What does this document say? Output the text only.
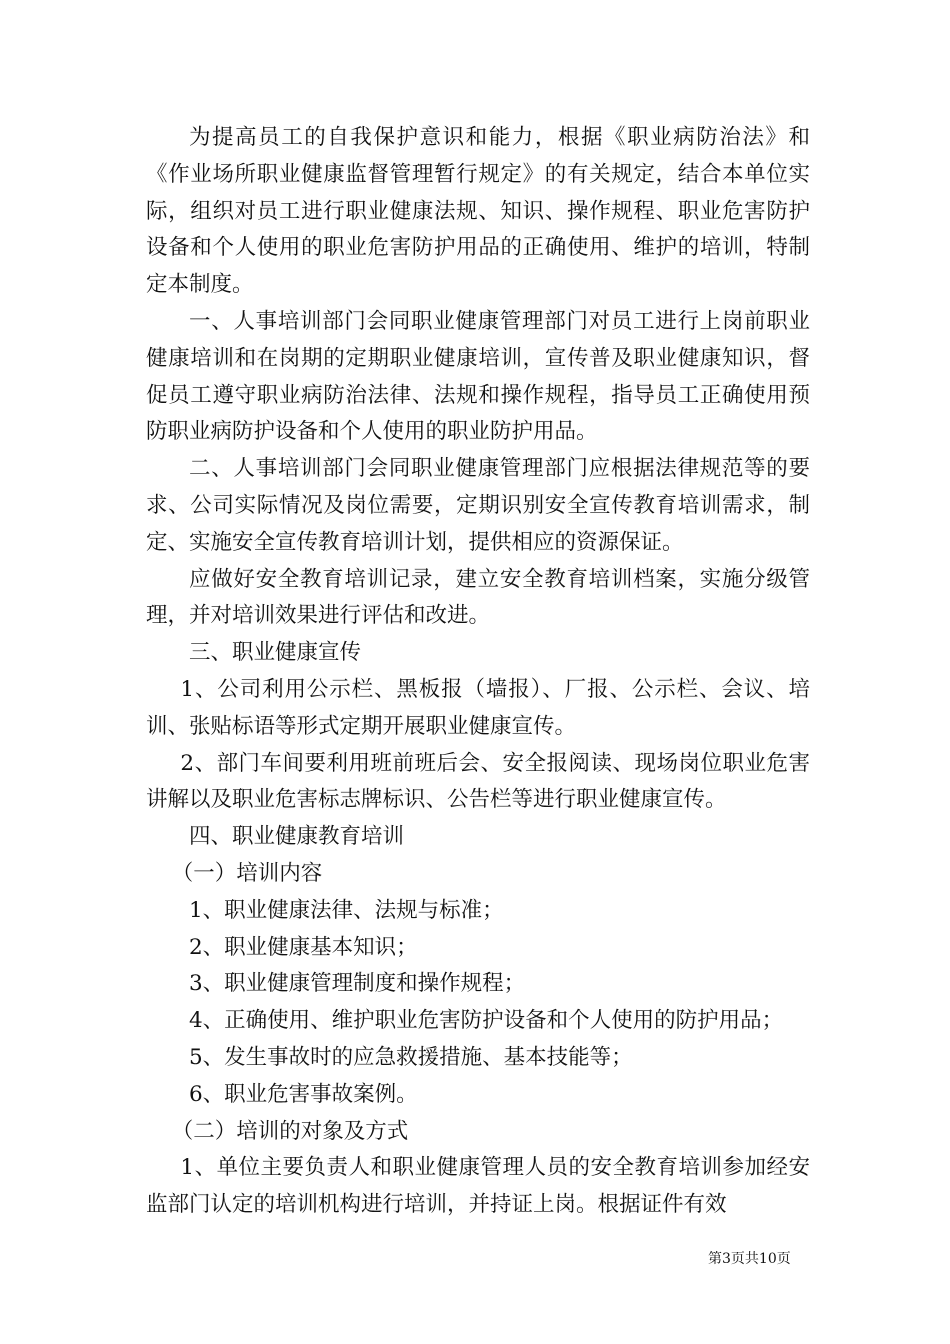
为提高员工的自我保护意识和能力，根据《职业病防治法》和《作业场所职业健康监督管理暂行规定》的有关规定，结合本单位实际，组织对员工进行职业健康法规、知识、操作规程、职业危害防护设备和个人使用的职业危害防护用品的正确使用、维护的培训，特制定本制度。

一、人事培训部门会同职业健康管理部门对员工进行上岗前职业健康培训和在岗期的定期职业健康培训，宣传普及职业健康知识，督促员工遵守职业病防治法律、法规和操作规程，指导员工正确使用预防职业病防护设备和个人使用的职业防护用品。

二、人事培训部门会同职业健康管理部门应根据法律规范等的要求、公司实际情况及岗位需要，定期识别安全宣传教育培训需求，制定、实施安全宣传教育培训计划，提供相应的资源保证。

应做好安全教育培训记录，建立安全教育培训档案，实施分级管理，并对培训效果进行评估和改进。

三、职业健康宣传

1、公司利用公示栏、黑板报（墙报）、厂报、公示栏、会议、培训、张贴标语等形式定期开展职业健康宣传。

2、部门车间要利用班前班后会、安全报阅读、现场岗位职业危害讲解以及职业危害标志牌标识、公告栏等进行职业健康宣传。

四、职业健康教育培训

（一）培训内容

1、职业健康法律、法规与标准；

2、职业健康基本知识；

3、职业健康管理制度和操作规程；

4、正确使用、维护职业危害防护设备和个人使用的防护用品；

5、发生事故时的应急救援措施、基本技能等；

6、职业危害事故案例。

（二）培训的对象及方式

1、单位主要负责人和职业健康管理人员的安全教育培训参加经安监部门认定的培训机构进行培训，并持证上岗。根据证件有效

第3页共10页
